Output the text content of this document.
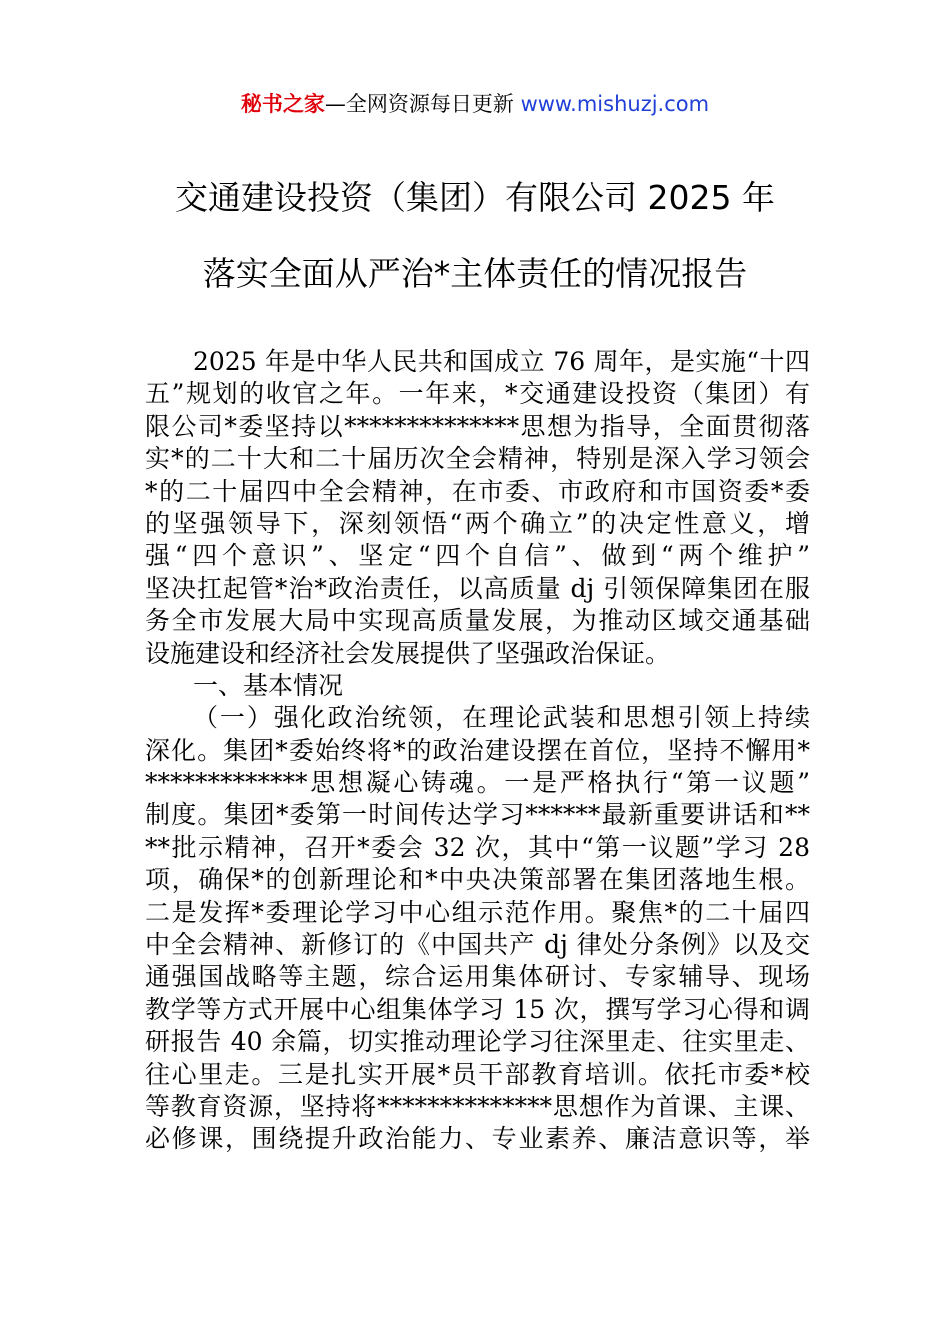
秘书之家—全网资源每日更新 www.mishuzj.com
交通建设投资（集团）有限公司 2025 年
落实全面从严治*主体责任的情况报告
2025 年是中华人民共和国成立 76 周年，是实施“十四
五”规划的收官之年。一年来，*交通建设投资（集团）有
限公司*委坚持以**************思想为指导，全面贯彻落
实*的二十大和二十届历次全会精神，特别是深入学习领会
*的二十届四中全会精神，在市委、市政府和市国资委*委
的坚强领导下，深刻领悟“两个确立”的决定性意义，增
强“四个意识”、坚定“四个自信”、做到“两个维护”
坚决扛起管*治*政治责任，以高质量 dj 引领保障集团在服
务全市发展大局中实现高质量发展，为推动区域交通基础
设施建设和经济社会发展提供了坚强政治保证。
一、基本情况
（一）强化政治统领，在理论武装和思想引领上持续
深化。集团*委始终将*的政治建设摆在首位，坚持不懈用*
*************思想凝心铸魂。一是严格执行“第一议题”
制度。集团*委第一时间传达学习******最新重要讲话和**
**批示精神，召开*委会 32 次，其中“第一议题”学习 28
项，确保*的创新理论和*中央决策部署在集团落地生根。
二是发挥*委理论学习中心组示范作用。聚焦*的二十届四
中全会精神、新修订的《中国共产 dj 律处分条例》以及交
通强国战略等主题，综合运用集体研讨、专家辅导、现场
教学等方式开展中心组集体学习 15 次，撰写学习心得和调
研报告 40 余篇，切实推动理论学习往深里走、往实里走、
往心里走。三是扎实开展*员干部教育培训。依托市委*校
等教育资源，坚持将**************思想作为首课、主课、
必修课，围绕提升政治能力、专业素养、廉洁意识等，举
